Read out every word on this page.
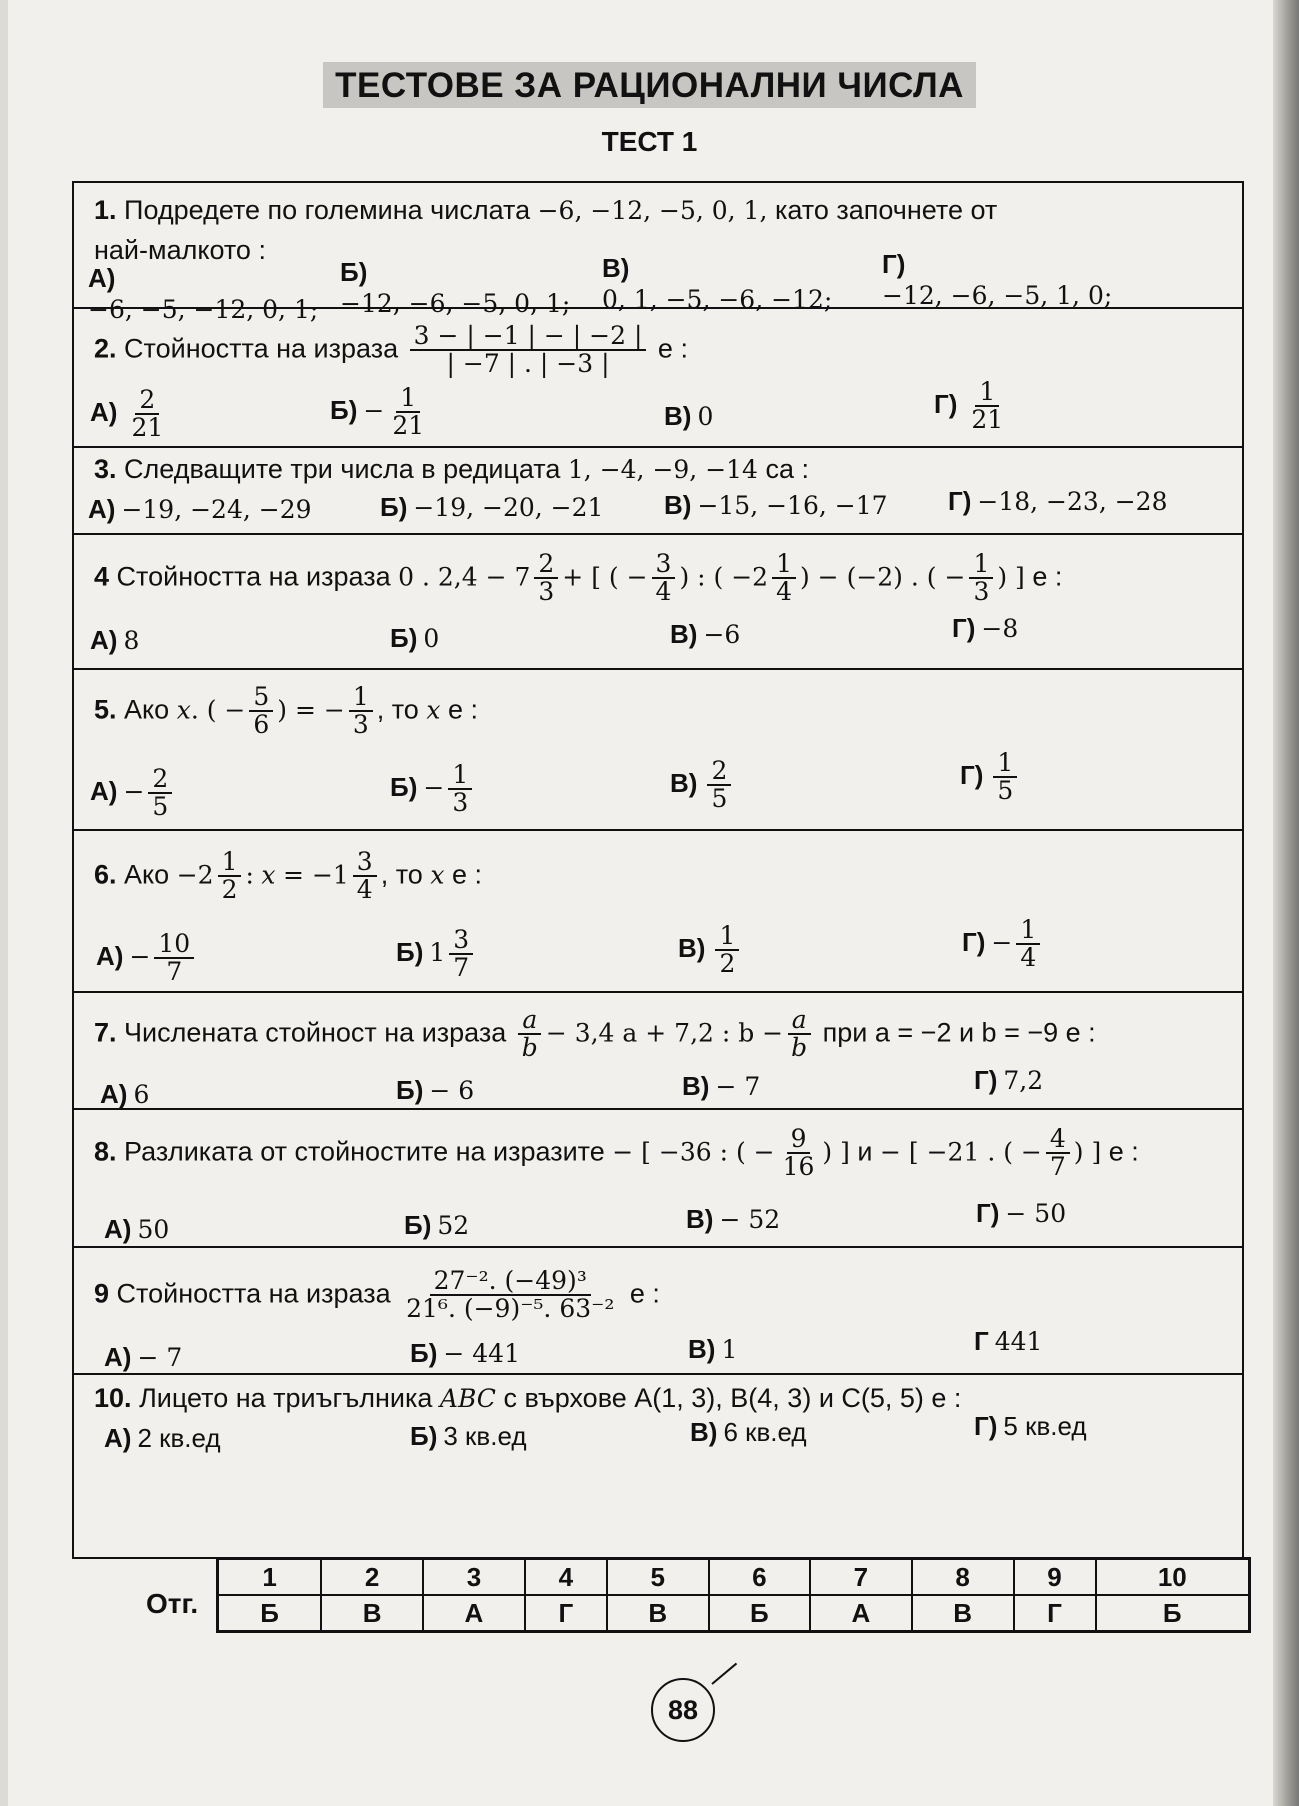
ТЕСТОВЕ ЗА РАЦИОНАЛНИ ЧИСЛА
ТЕСТ 1
1. Подредете по големина числата −6, −12, −5, 0, 1, като започнете от
най-малкото :
А)
−6, −5, −12, 0, 1;
Б)
−12, −6, −5, 0, 1;
В)
0, 1, −5, −6, −12;
Г)
−12, −6, −5, 1, 0;
2. Стойността на израза $\frac{3 - | -1 | - | -2 |}{| -7 | . | -3 |}$ е :
$А) \frac{2}{21}$	$Б) - \frac{1}{21}$	В) 0	$Г) \frac{1}{21}$
3. Следващите три числа в редицата 1, −4, −9, −14 са :
А) −19, −24, −29	Б) −19, −20, −21 В) −15, −16, −17 Г) −18, −23, −28
4 Стойността на израза 0 . $2,4 - 7 \frac{2}{3}$ + [ ( − $\frac{3}{4}$ ) : ( $-2 \frac{1}{4}$ ) − (−2) . ( − $\frac{1}{3}$ ) ] е :
А) 8	Б) 0	В) −6	Г) −8
5. Ако x. ( − $\frac{5}{6}$ ) = − $\frac{1}{3}$ , то x е :
$А) - \frac{2}{5}$	$Б) - \frac{1}{3}$	$В) \frac{2}{5}$	$Г) \frac{1}{5}$
6. Ако $-2 \frac{1}{2}$ : $x = -1 \frac{3}{4}$ , то x е :
$А) - \frac{10}{7}$	Б) $1 \frac{3}{7}$	$В) \frac{1}{2}$	$Г) - \frac{1}{4}$
7. Числената стойност на израза $\frac{a}{b} - 3,4$ a + 7,2 : $b - \frac{a}{b}$ при a = −2 и b = −9 е :
А) 6	Б) − 6	В) − 7	Г) 7,2
8. Разликата от стойностите на изразите − [ −36 : ( − $\frac{9}{16}$ ) ] и − [ −21 . ( − $\frac{4}{7}$ ) ] е :
А) 50	Б) 52	В) − 52	Г) − 50
9 Стойността на израза $\frac{\text{27⁻². (−49)³}}{\text{21⁶. (−9)⁻⁵. 63⁻²}}$ е :
А) − 7	Б) − 441	В) 1	Г 441
10. Лицето на триъгълника ABC с върхове A(1, 3), B(4, 3) и C(5, 5) е :
А) 2 кв.ед	Б) 3 кв.ед	В) 6 кв.ед	Г) 5 кв.ед
Отг.
1	2	3	4	5	6	7	8	9	10
Б	В	А	Г	В	Б	А	В	Г	Б
88
